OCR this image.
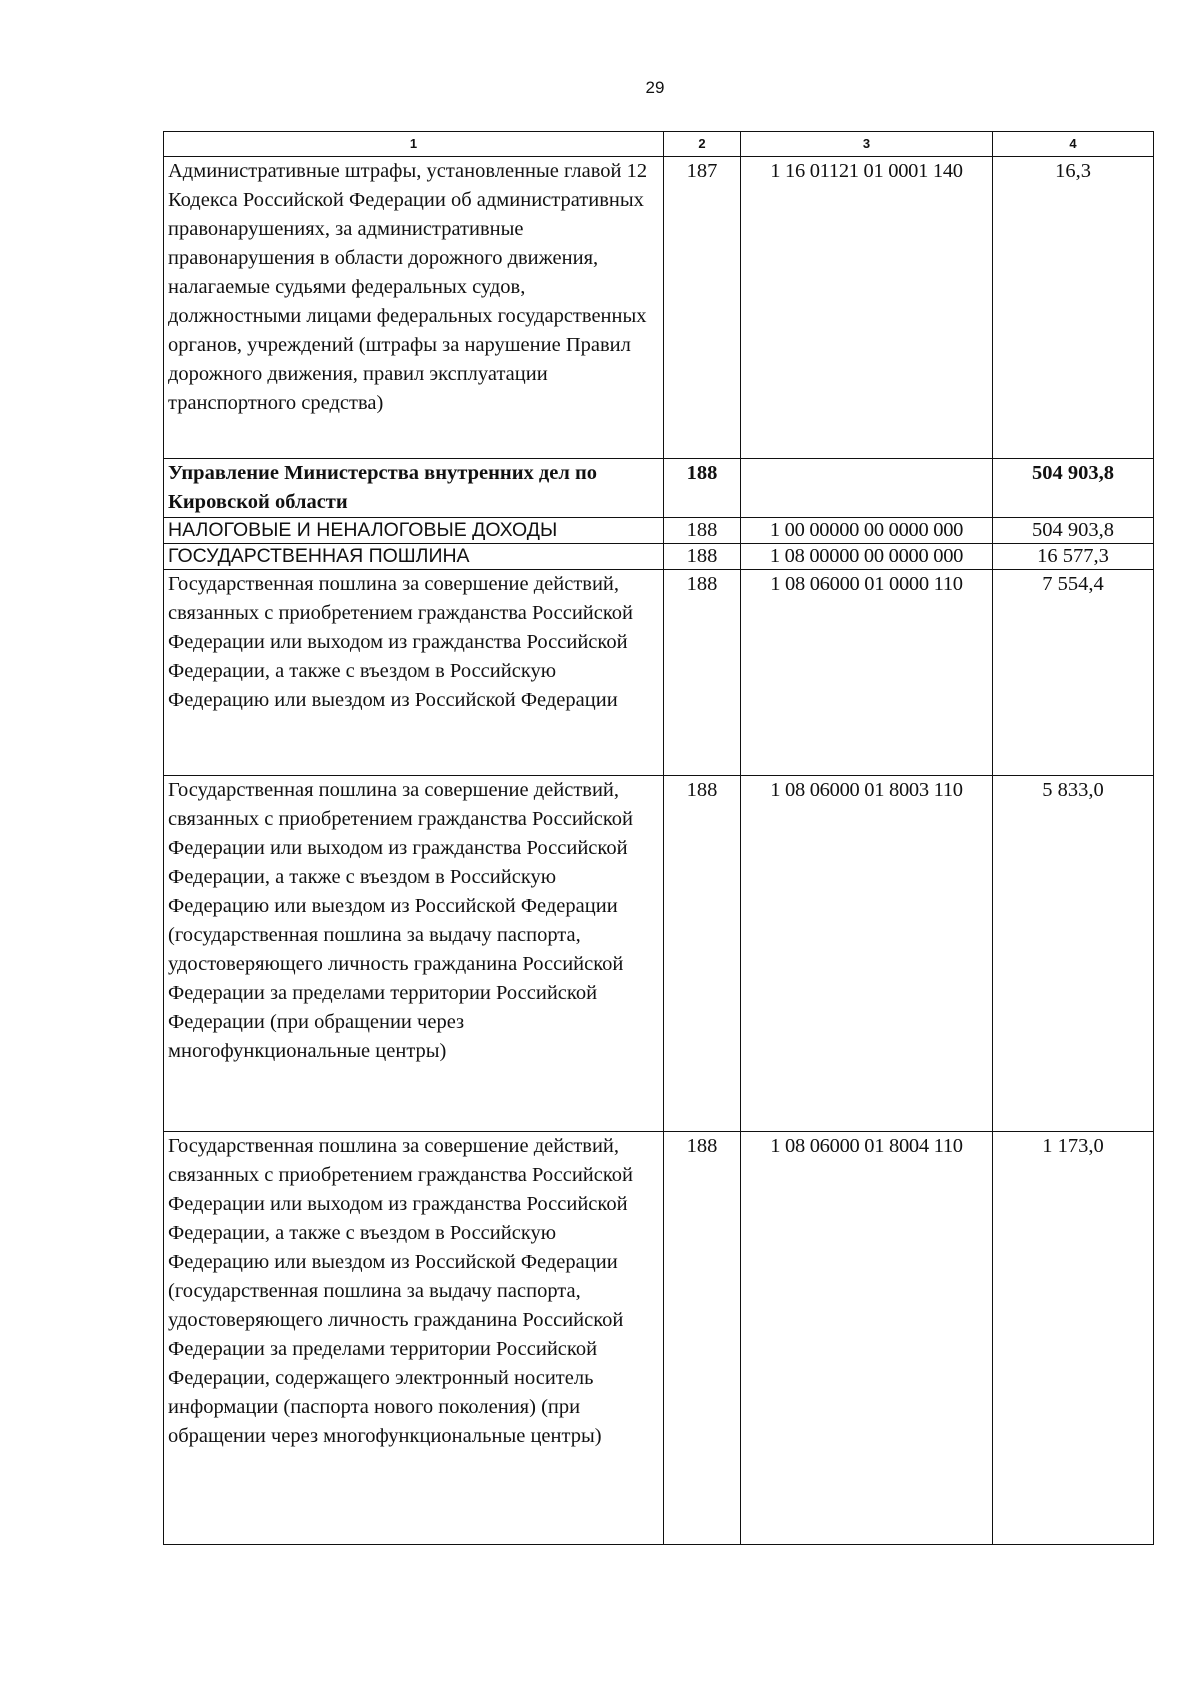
29
1	2	3	4
Административные штрафы, установленные главой 12 Кодекса Российской Федерации об административных правонарушениях, за административные правонарушения в области дорожного движения, налагаемые судьями федеральных судов, должностными лицами федеральных государственных органов, учреждений (штрафы за нарушение Правил дорожного движения, правил эксплуатации транспортного средства)	187	1 16 01121 01 0001 140	16,3
Управление Министерства внутренних дел по Кировской области	188		504 903,8
НАЛОГОВЫЕ И НЕНАЛОГОВЫЕ ДОХОДЫ	188	1 00 00000 00 0000 000	504 903,8
ГОСУДАРСТВЕННАЯ ПОШЛИНА	188	1 08 00000 00 0000 000	16 577,3
Государственная пошлина за совершение действий, связанных с приобретением гражданства Российской Федерации или выходом из гражданства Российской Федерации, а также с въездом в Российскую Федерацию или выездом из Российской Федерации	188	1 08 06000 01 0000 110	7 554,4
Государственная пошлина за совершение действий, связанных с приобретением гражданства Российской Федерации или выходом из гражданства Российской Федерации, а также с въездом в Российскую Федерацию или выездом из Российской Федерации (государственная пошлина за выдачу паспорта, удостоверяющего личность гражданина Российской Федерации за пределами территории Российской Федерации (при обращении через многофункциональные центры)	188	1 08 06000 01 8003 110	5 833,0
Государственная пошлина за совершение действий, связанных с приобретением гражданства Российской Федерации или выходом из гражданства Российской Федерации, а также с въездом в Российскую Федерацию или выездом из Российской Федерации (государственная пошлина за выдачу паспорта, удостоверяющего личность гражданина Российской Федерации за пределами территории Российской Федерации, содержащего электронный носитель информации (паспорта нового поколения) (при обращении через многофункциональные центры)	188	1 08 06000 01 8004 110	1 173,0
